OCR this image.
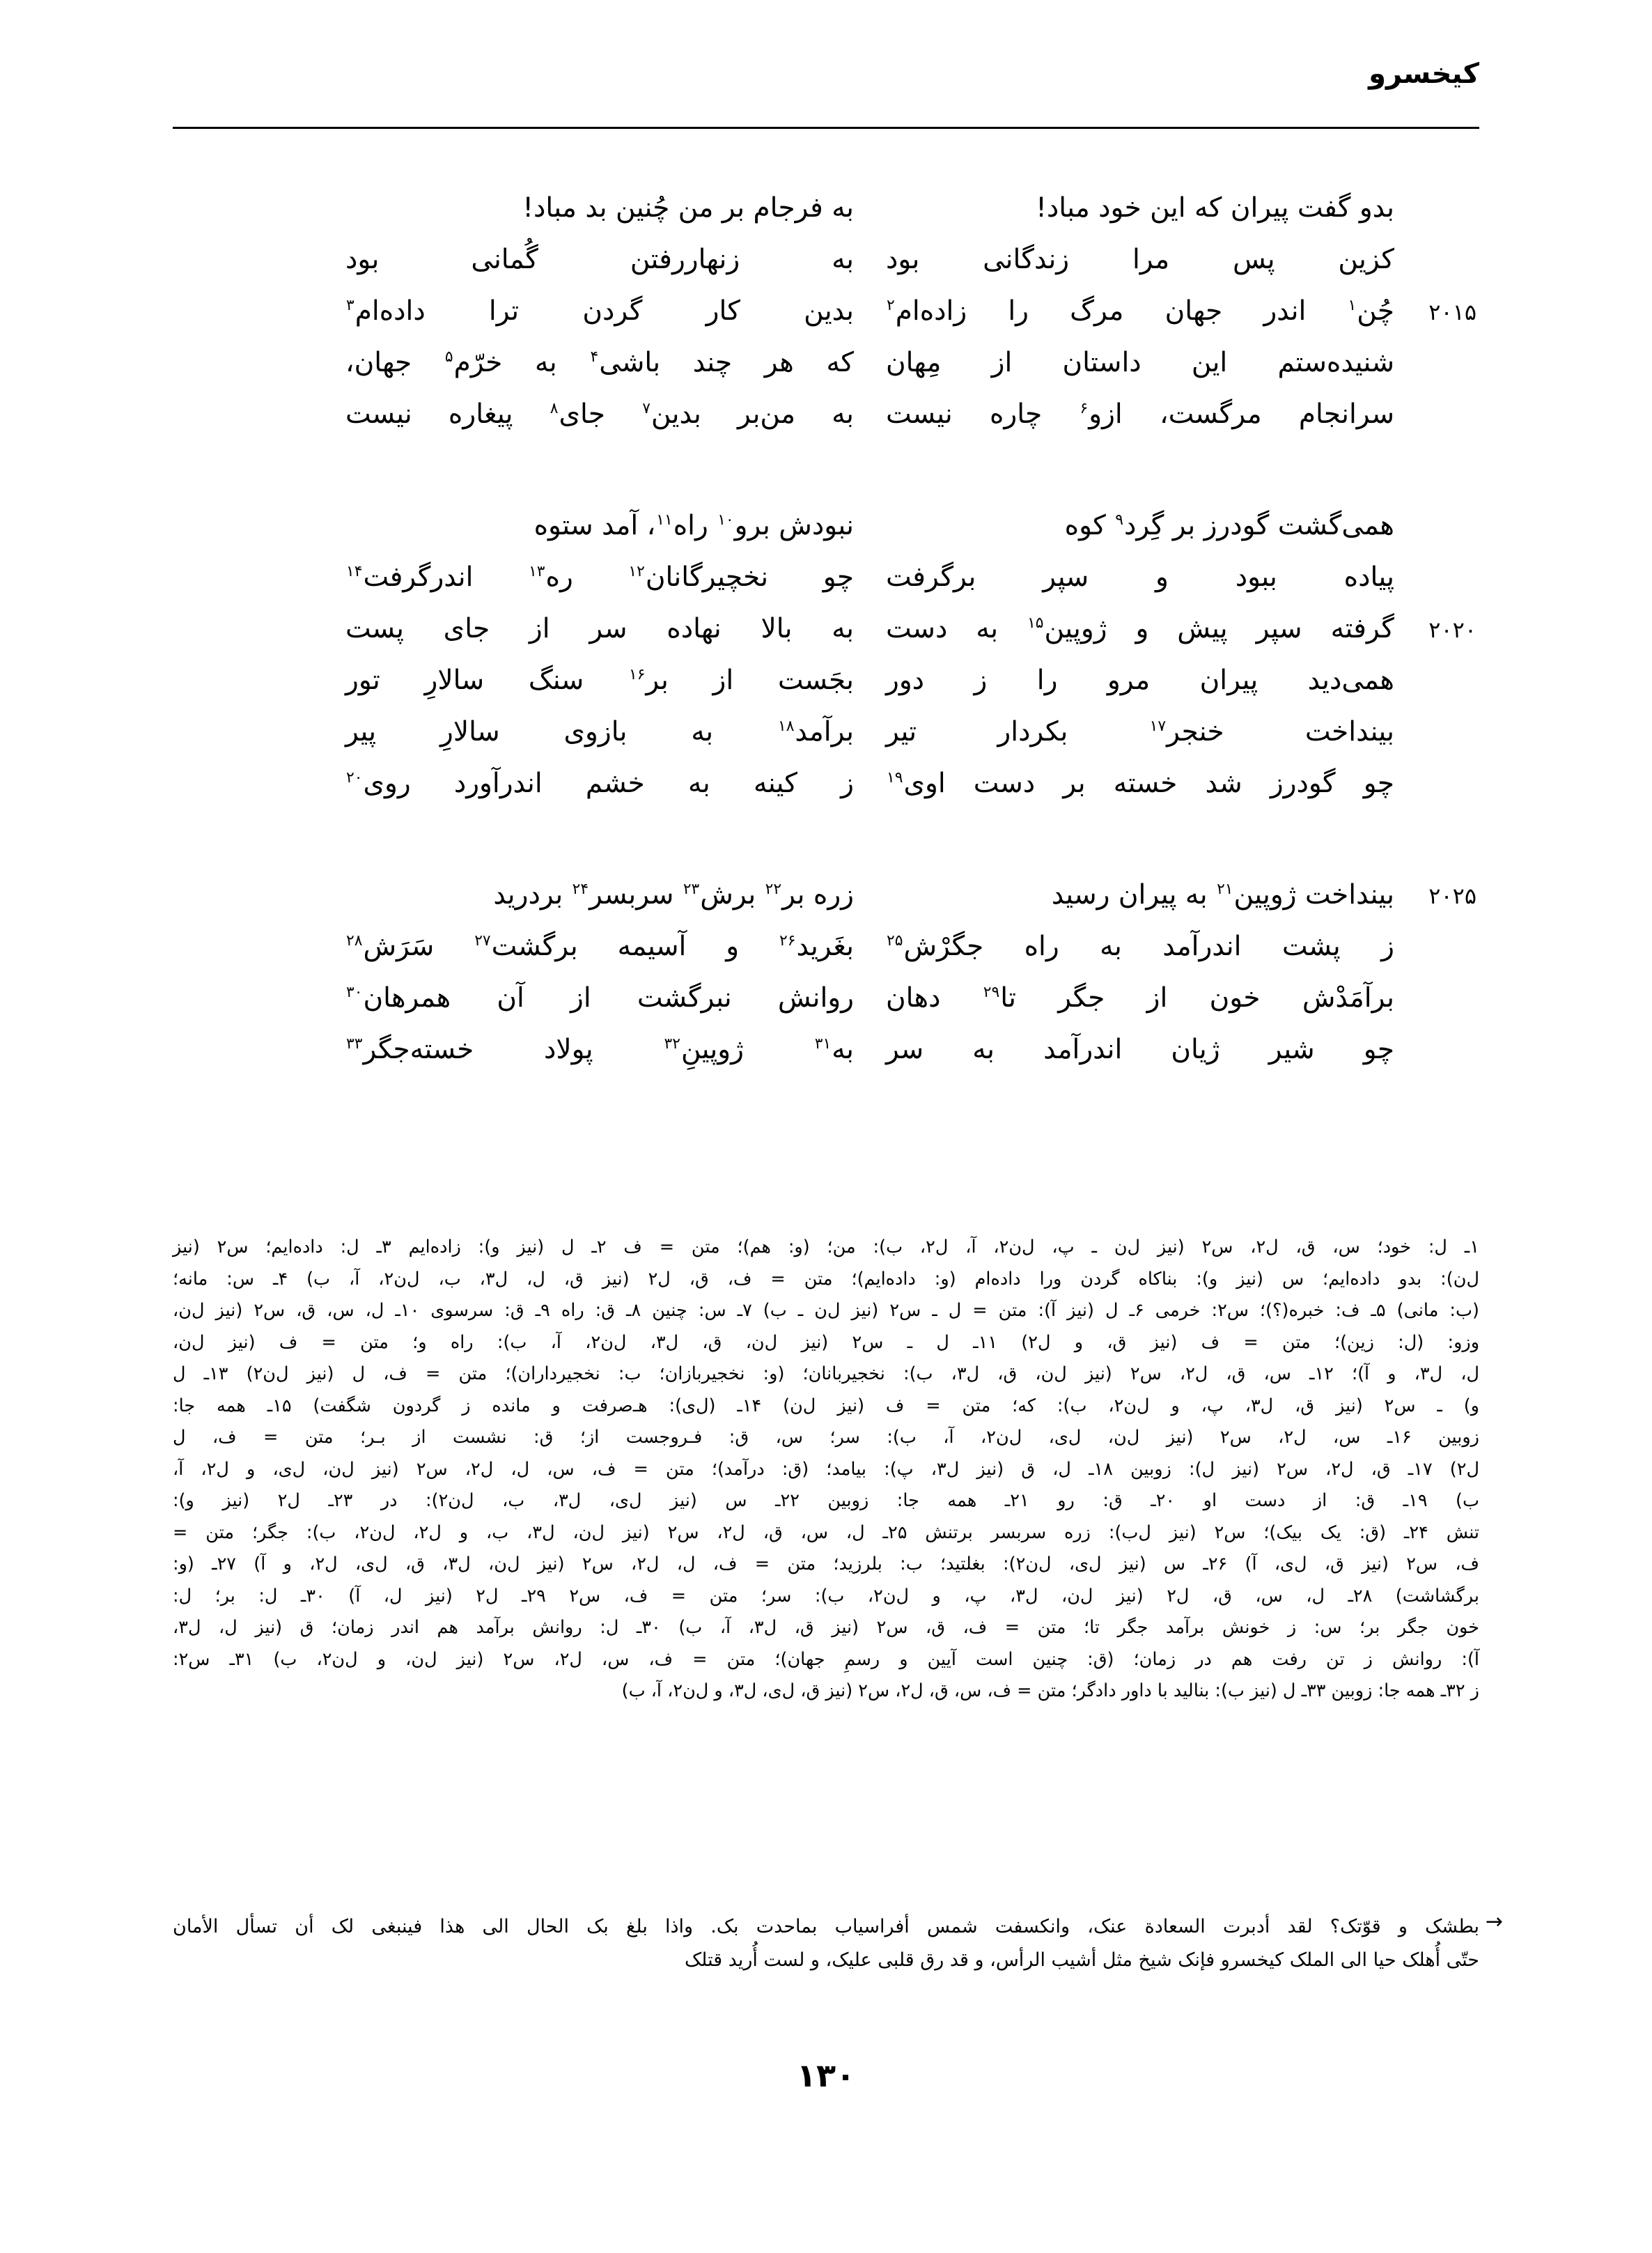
کیخسرو
بدو گفت پیران که این خود مباد!
به فرجام بر من چُنین بد مباد!
کزین پس مرا زندگانی بود
به زنهاررفتن گُمانی بود
۲۰۱۵
چُن$^۱$ اندر جهان مرگ را زاده‌ام$^۲$
بدین کار گردن ترا داده‌ام$^۳$
شنیده‌ستم این داستان از مِهان
که هر چند باشی$^۴$ به خرّم$^۵$ جهان،
سرانجام مرگست، ازو$^۶$ چاره نیست
به من‌بر بدین$^۷$ جای$^۸$ پیغاره نیست
همی‌گشت گودرز بر گِرد$^۹$ کوه
نبودش برو$^{۱۰}$ راه$^{۱۱}$، آمد ستوه
پیاده ببود و سپر برگرفت
چو نخچیرگانان$^{۱۲}$ ره$^{۱۳}$ اندرگرفت$^{۱۴}$
۲۰۲۰
گرفته سپر پیش و ژوپین$^{۱۵}$ به دست
به بالا نهاده سر از جای پست
همی‌دید پیران مرو را ز دور
بجَست از بر$^{۱۶}$ سنگ سالارِ تور
بینداخت خنجر$^{۱۷}$ بکردار تیر
برآمد$^{۱۸}$ به بازوی سالارِ پیر
چو گودرز شد خسته بر دست اوی$^{۱۹}$
ز کینه به خشم اندرآورد روی$^{۲۰}$
۲۰۲۵
بینداخت ژوپین$^{۲۱}$ به پیران رسید
زره بر$^{۲۲}$ برش$^{۲۳}$ سربسر$^{۲۴}$ بردرید
ز پشت اندرآمد به راه جگرْش$^{۲۵}$
بغَرید$^{۲۶}$ و آسیمه برگشت$^{۲۷}$ سَرَش$^{۲۸}$
برآمَدْش خون از جگر تا$^{۲۹}$ دهان
روانش نبرگشت از آن همرهان$^{۳۰}$
چو شیر ژیان اندرآمد به سر
به$^{۳۱}$ ژوپینِ$^{۳۲}$ پولاد خسته‌جگر$^{۳۳}$

۱ـ ل: خود؛ س، ق، ل۲، س۲ (نیز ل‌ن ـ پ، ل‌ن۲، آ، ل۲، ب): من؛ (و: هم)؛ متن = ف ۲ـ ل (نیز و): زاده‌ایم ۳ـ ل: داده‌ایم؛ س۲ (نیز

ل‌ن): بدو داده‌ایم؛ س (نیز و): بناکاه گردن ورا داده‌ام (و: داده‌ایم)؛ متن = ف، ق، ل۲ (نیز ق، ل، ل۳، ب، ل‌ن۲، آ، ب) ۴ـ س: مانه؛

(ب: مانی) ۵ـ ف: خبره(؟)؛ س۲: خرمی ۶ـ ل (نیز آ): متن = ل ـ س۲ (نیز ل‌ن ـ ب) ۷ـ س: چنین ۸ـ ق: راه ۹ـ ق: سرسوی ۱۰ـ ل، س، ق، س۲ (نیز ل‌ن،

وزو: (ل: زین)؛ متن = ف (نیز ق، و ل۲) ۱۱ـ ل ـ س۲ (نیز ل‌ن، ق، ل۳، ل‌ن۲، آ، ب): راه و؛ متن = ف (نیز ل‌ن،

ل، ل۳، و آ)؛ ۱۲ـ س، ق، ل۲، س۲ (نیز ل‌ن، ق، ل۳، ب): نخجیربانان؛ (و: نخجیربازان؛ ب: نخجیرداران)؛ متن = ف، ل (نیز ل‌ن۲) ۱۳ـ ل

و) ـ س۲ (نیز ق، ل۳، پ، و ل‌ن۲، ب): که؛ متن = ف (نیز ل‌ن) ۱۴ـ (ل‌ی): هـ‌صرفت و مانده ز گردون شگفت) ۱۵ـ همه جا:

زوبین ۱۶ـ س، ل۲، س۲ (نیز ل‌ن، ل‌ی، ل‌ن۲، آ، ب): سر؛ س، ق: فـروجست از؛ ق: نشست از بـر؛ متن = ف، ل

ل۲) ۱۷ـ ق، ل۲، س۲ (نیز ل): زوبین ۱۸ـ ل، ق (نیز ل۳، پ): بیامد؛ (ق: درآمد)؛ متن = ف، س، ل، ل۲، س۲ (نیز ل‌ن، ل‌ی، و ل۲، آ،

ب) ۱۹ـ ق: از دست او ۲۰ـ ق: رو ۲۱ـ همه جا: زوبین ۲۲ـ س (نیز ل‌ی، ل۳، ب، ل‌ن۲): در ۲۳ـ ل۲ (نیز و):

تنش ۲۴ـ (ق: یک بیک)؛ س۲ (نیز ل‌ب): زره سربسر برتنش ۲۵ـ ل، س، ق، ل۲، س۲ (نیز ل‌ن، ل۳، ب، و ل۲، ل‌ن۲، ب): جگر؛ متن =

ف، س۲ (نیز ق، ل‌ی، آ) ۲۶ـ س (نیز ل‌ی، ل‌ن۲): بغلتید؛ ب: بلرزید؛ متن = ف، ل، ل۲، س۲ (نیز ل‌ن، ل۳، ق، ل‌ی، ل۲، و آ) ۲۷ـ (و:

برگشاشت) ۲۸ـ ل، س، ق، ل۲ (نیز ل‌ن، ل۳، پ، و ل‌ن۲، ب): سر؛ متن = ف، س۲ ۲۹ـ ل۲ (نیز ل، آ) ۳۰ـ ل: بر؛ ل:

خون جگر بر؛ س: ز خونش برآمد جگر تا؛ متن = ف، ق، س۲ (نیز ق، ل۳، آ، ب) ۳۰ـ ل: روانش برآمد هم اندر زمان؛ ق (نیز ل، ل۳،

آ): روانش ز تن رفت هم در زمان؛ (ق: چنین است آیین و رسمِ جهان)؛ متن = ف، س، ل۲، س۲ (نیز ل‌ن، و ل‌ن۲، ب) ۳۱ـ س۲:

ز ۳۲ـ همه جا: زوبین ۳۳ـ ل (نیز ب): بنالید با داور دادگر؛ متن = ف، س، ق، ل۲، س۲ (نیز ق، ل‌ی، ل۳، و ل‌ن۲، آ، ب)

→

بطشک و قوّتک؟ لقد أدبرت السعادة عنک، وانکسفت شمس أفراسیاب بماحدت بک. واذا بلغ بک الحال الی هذا فینبغی لک أن تسأل الأمان

حتّی أُهلک حیا الی الملک کیخسرو فإنک شیخ مثل أشیب الرأس، و قد رق قلبی علیک، و لست أُرید قتلک

۱۳۰
